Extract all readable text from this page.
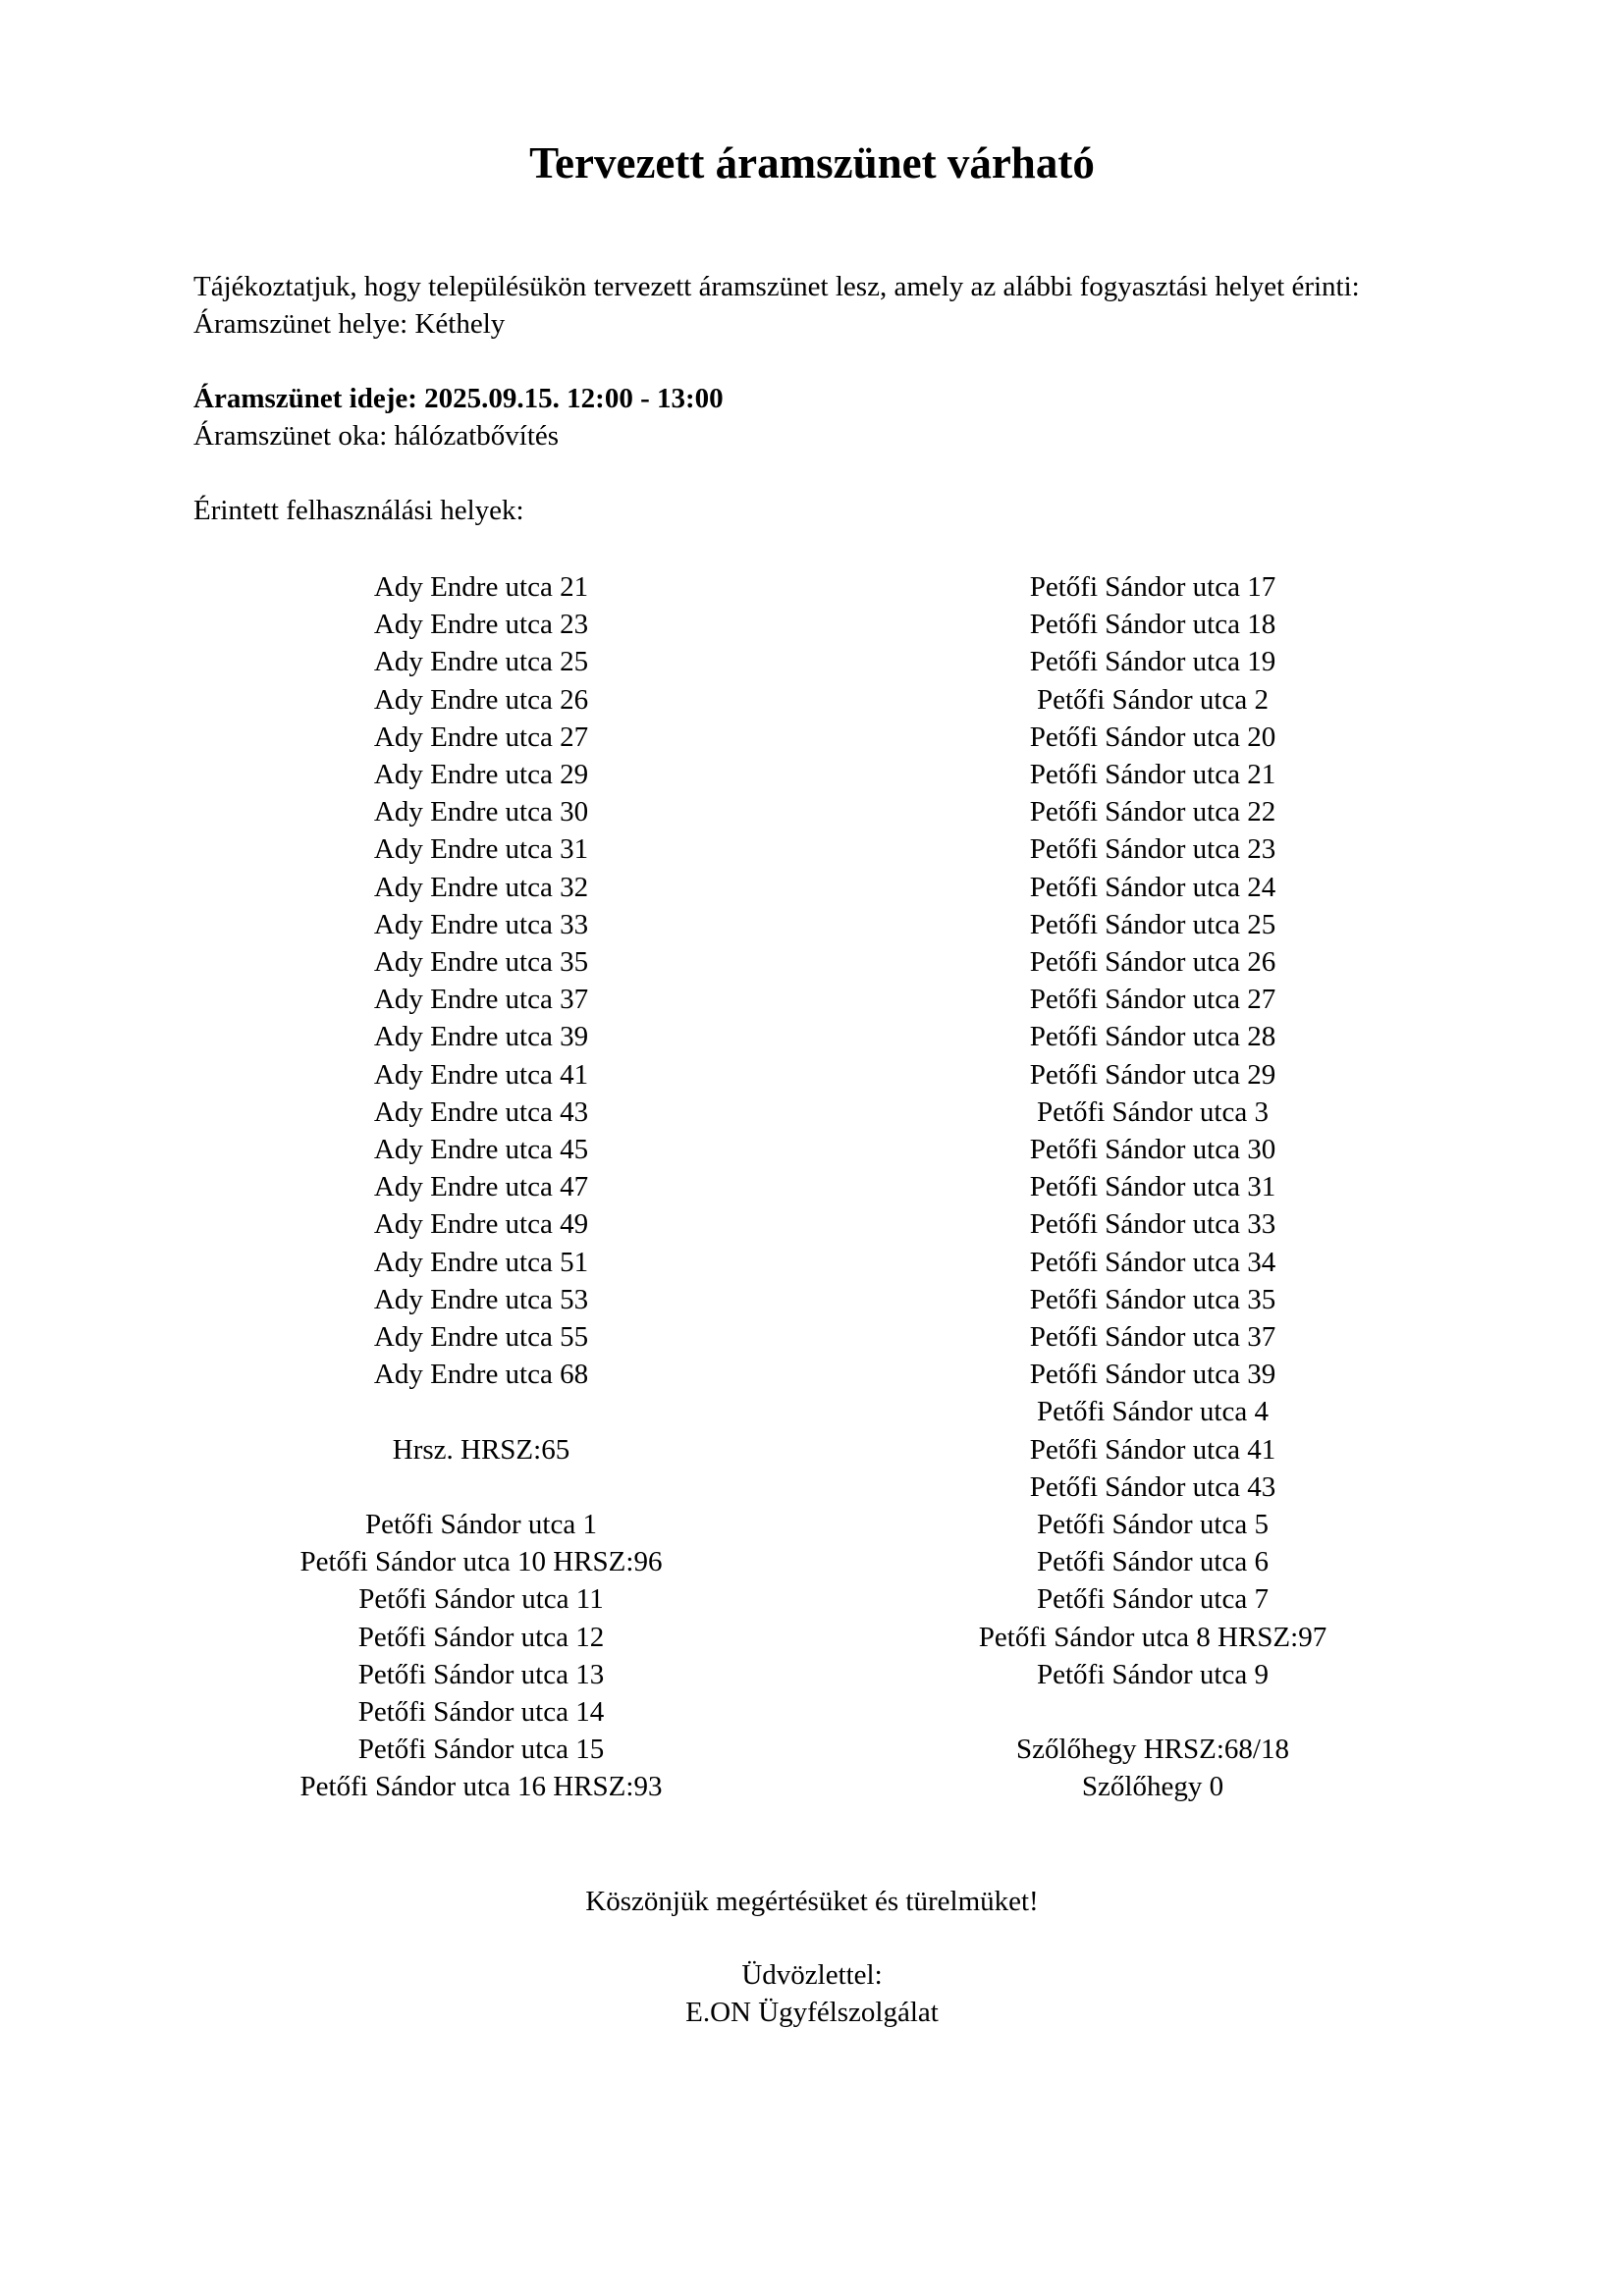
Tervezett áramszünet várható
Tájékoztatjuk, hogy településükön tervezett áramszünet lesz, amely az alábbi fogyasztási helyet érinti:
Áramszünet helye: Kéthely
Áramszünet ideje: 2025.09.15. 12:00 - 13:00
Áramszünet oka: hálózatbővítés
Érintett felhasználási helyek:
Ady Endre utca 21
Ady Endre utca 23
Ady Endre utca 25
Ady Endre utca 26
Ady Endre utca 27
Ady Endre utca 29
Ady Endre utca 30
Ady Endre utca 31
Ady Endre utca 32
Ady Endre utca 33
Ady Endre utca 35
Ady Endre utca 37
Ady Endre utca 39
Ady Endre utca 41
Ady Endre utca 43
Ady Endre utca 45
Ady Endre utca 47
Ady Endre utca 49
Ady Endre utca 51
Ady Endre utca 53
Ady Endre utca 55
Ady Endre utca 68
Hrsz. HRSZ:65
Petőfi Sándor utca 1
Petőfi Sándor utca 10 HRSZ:96
Petőfi Sándor utca 11
Petőfi Sándor utca 12
Petőfi Sándor utca 13
Petőfi Sándor utca 14
Petőfi Sándor utca 15
Petőfi Sándor utca 16 HRSZ:93
Petőfi Sándor utca 17
Petőfi Sándor utca 18
Petőfi Sándor utca 19
Petőfi Sándor utca 2
Petőfi Sándor utca 20
Petőfi Sándor utca 21
Petőfi Sándor utca 22
Petőfi Sándor utca 23
Petőfi Sándor utca 24
Petőfi Sándor utca 25
Petőfi Sándor utca 26
Petőfi Sándor utca 27
Petőfi Sándor utca 28
Petőfi Sándor utca 29
Petőfi Sándor utca 3
Petőfi Sándor utca 30
Petőfi Sándor utca 31
Petőfi Sándor utca 33
Petőfi Sándor utca 34
Petőfi Sándor utca 35
Petőfi Sándor utca 37
Petőfi Sándor utca 39
Petőfi Sándor utca 4
Petőfi Sándor utca 41
Petőfi Sándor utca 43
Petőfi Sándor utca 5
Petőfi Sándor utca 6
Petőfi Sándor utca 7
Petőfi Sándor utca 8 HRSZ:97
Petőfi Sándor utca 9
Szőlőhegy HRSZ:68/18
Szőlőhegy 0
Köszönjük megértésüket és türelmüket!
Üdvözlettel:
E.ON Ügyfélszolgálat
